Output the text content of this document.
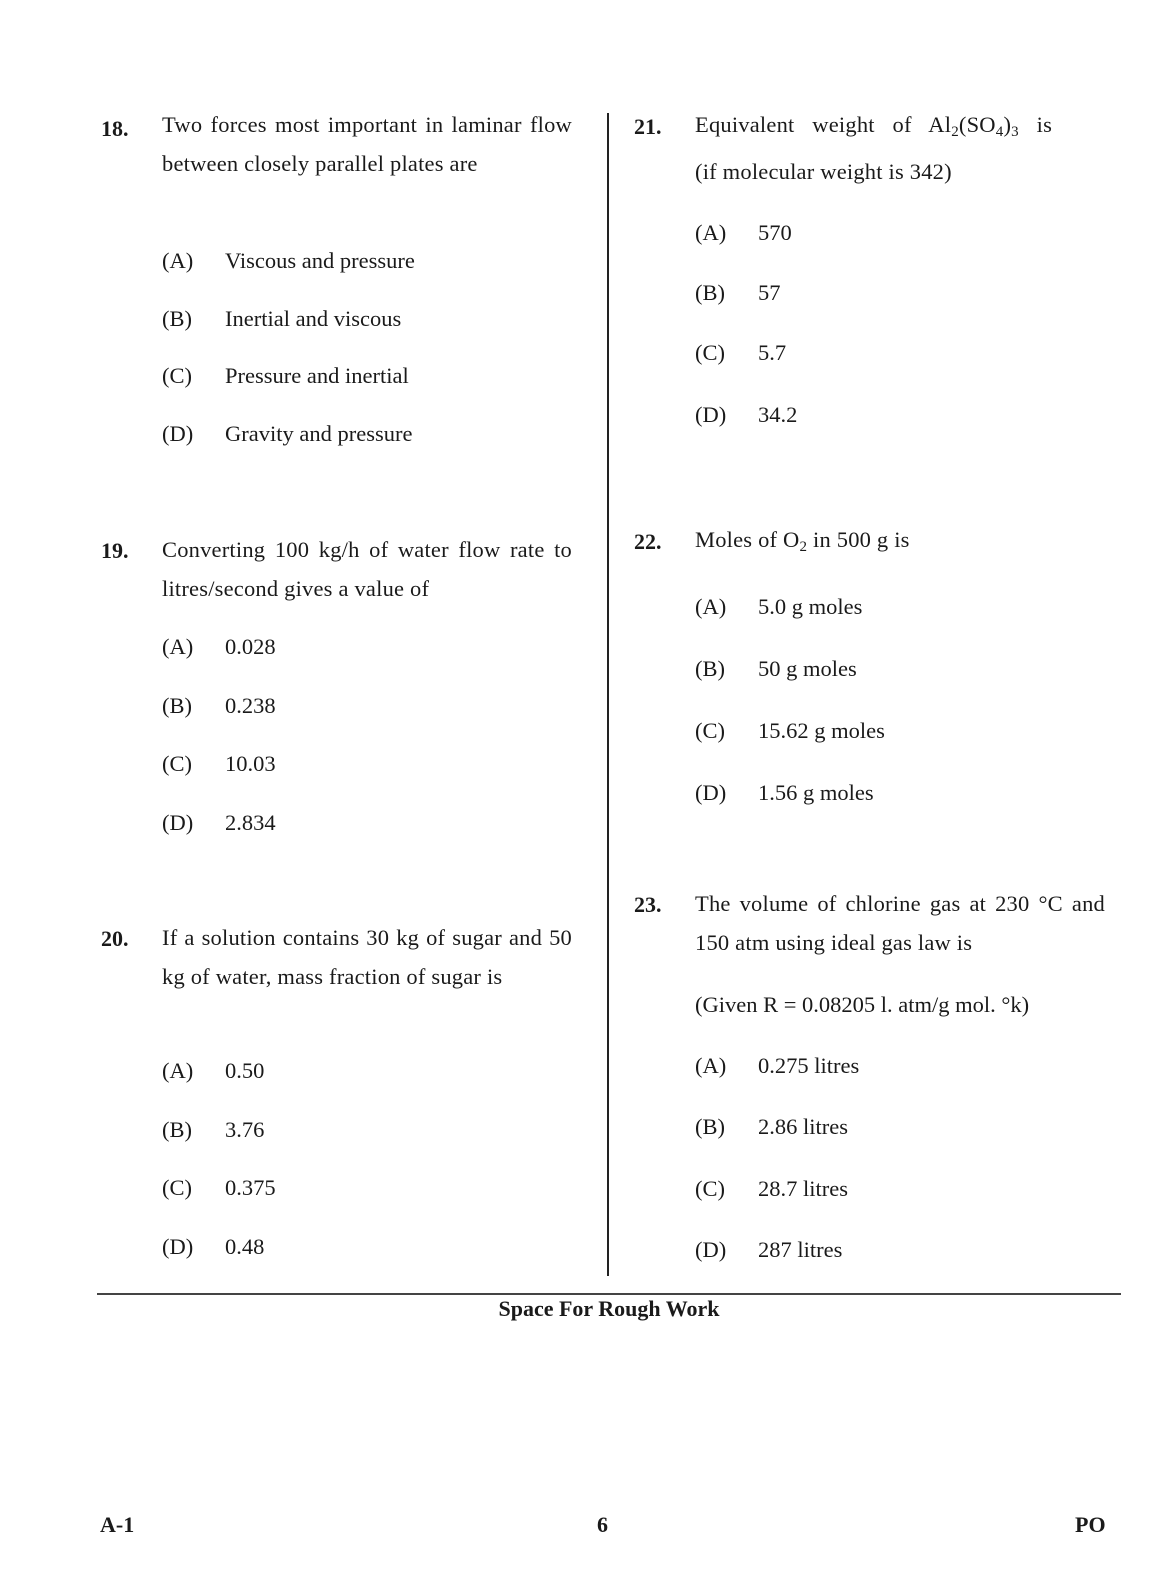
18. Two forces most important in laminar flow between closely parallel plates are
(A) Viscous and pressure
(B) Inertial and viscous
(C) Pressure and inertial
(D) Gravity and pressure
19. Converting 100 kg/h of water flow rate to litres/second gives a value of
(A) 0.028
(B) 0.238
(C) 10.03
(D) 2.834
20. If a solution contains 30 kg of sugar and 50 kg of water, mass fraction of sugar is
(A) 0.50
(B) 3.76
(C) 0.375
(D) 0.48
21. Equivalent weight of $Al_2(SO_4)_3$ is
(if molecular weight is 342)
(A) 570
(B) 57
(C) 5.7
(D) 34.2
22. Moles of $O_2$ in 500 g is
(A) 5.0 g moles
(B) 50 g moles
(C) 15.62 g moles
(D) 1.56 g moles
23. The volume of chlorine gas at 230 °C and 150 atm using ideal gas law is
(Given R = 0.08205 l. atm/g mol. °k)
(A) 0.275 litres
(B) 2.86 litres
(C) 28.7 litres
(D) 287 litres
Space For Rough Work
A-1	6	PO
